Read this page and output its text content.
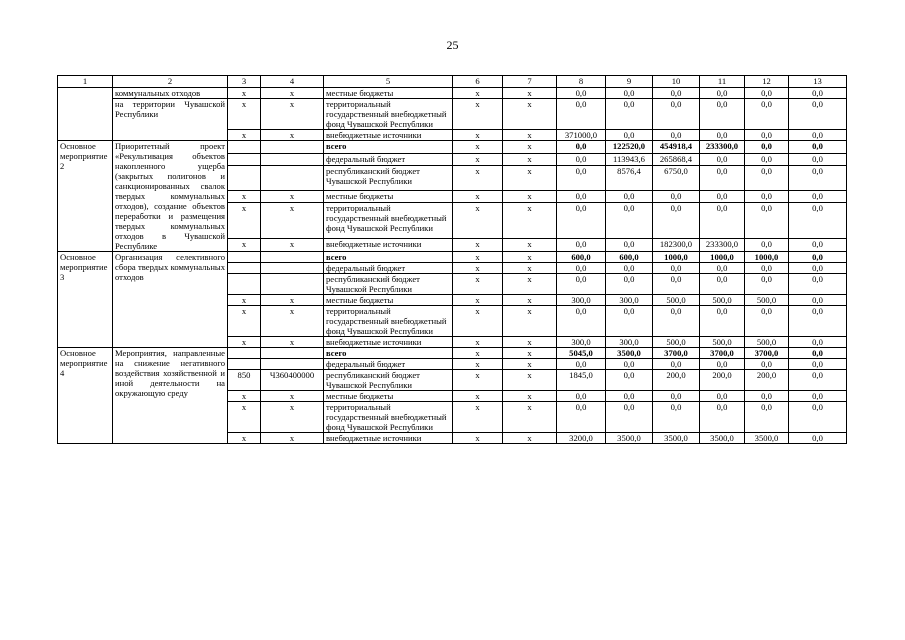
25
1	2	3	4	5	6	7	8	9	10	11	12	13
	коммунальных отходов	х	х	местные бюджеты	х	х	0,0	0,0	0,0	0,0	0,0	0,0
	на территории Чувашской Республики	х	х	территориальный государственный внебюджетный фонд Чувашской Республики	х	х	0,0	0,0	0,0	0,0	0,0	0,0
		х	х	внебюджетные источники	х	х	371000,0	0,0	0,0	0,0	0,0	0,0
Основное мероприятие 2	Приоритетный проект «Рекультивация объектов накопленного ущерба (закрытых полигонов и санкционированных свалок твердых коммунальных отходов), создание объектов переработки и размещения твердых коммунальных отходов в Чувашской Республике			всего	х	х	0,0	122520,0	454918,4	233300,0	0,0	0,0
				федеральный бюджет	х	х	0,0	113943,6	265868,4	0,0	0,0	0,0
				республиканский бюджет Чувашской Республики	х	х	0,0	8576,4	6750,0	0,0	0,0	0,0
		х	х	местные бюджеты	х	х	0,0	0,0	0,0	0,0	0,0	0,0
		х	х	территориальный государственный внебюджетный фонд Чувашской Республики	х	х	0,0	0,0	0,0	0,0	0,0	0,0
		х	х	внебюджетные источники	х	х	0,0	0,0	182300,0	233300,0	0,0	0,0
Основное мероприятие 3	Организация селективного сбора твердых коммунальных отходов			всего	х	х	600,0	600,0	1000,0	1000,0	1000,0	0,0
				федеральный бюджет	х	х	0,0	0,0	0,0	0,0	0,0	0,0
				республиканский бюджет Чувашской Республики	х	х	0,0	0,0	0,0	0,0	0,0	0,0
		х	х	местные бюджеты	х	х	300,0	300,0	500,0	500,0	500,0	0,0
		х	х	территориальный государственный внебюджетный фонд Чувашской Республики	х	х	0,0	0,0	0,0	0,0	0,0	0,0
		х	х	внебюджетные источники	х	х	300,0	300,0	500,0	500,0	500,0	0,0
Основное мероприятие 4	Мероприятия, направленные на снижение негативного воздействия хозяйственной и иной деятельности на окружающую среду			всего	х	х	5045,0	3500,0	3700,0	3700,0	3700,0	0,0
				федеральный бюджет	х	х	0,0	0,0	0,0	0,0	0,0	0,0
		850	Ч360400000	республиканский бюджет Чувашской Республики	х	х	1845,0	0,0	200,0	200,0	200,0	0,0
		х	х	местные бюджеты	х	х	0,0	0,0	0,0	0,0	0,0	0,0
		х	х	территориальный государственный внебюджетный фонд Чувашской Республики	х	х	0,0	0,0	0,0	0,0	0,0	0,0
		х	х	внебюджетные источники	х	х	3200,0	3500,0	3500,0	3500,0	3500,0	0,0
